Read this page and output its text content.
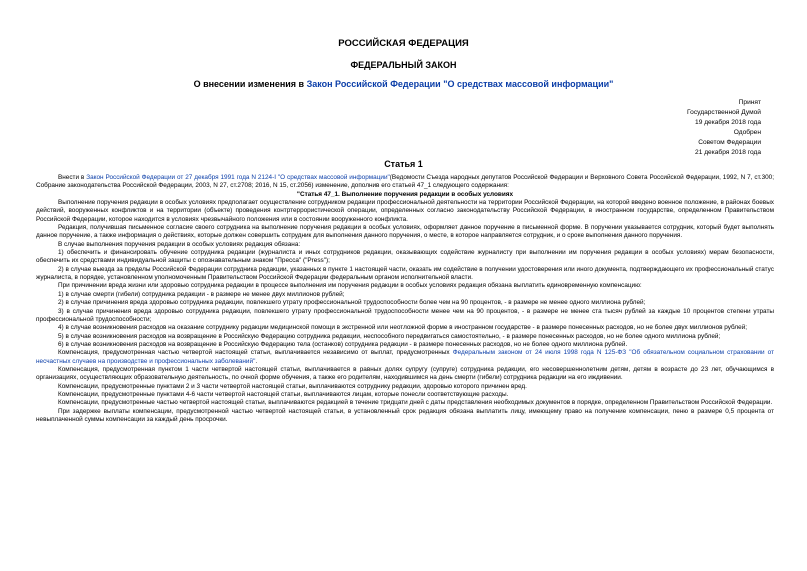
РОССИЙСКАЯ ФЕДЕРАЦИЯ
ФЕДЕРАЛЬНЫЙ ЗАКОН
О внесении изменения в Закон Российской Федерации "О средствах массовой информации"
Принят
Государственной Думой
19 декабря 2018 года
Одобрен
Советом Федерации
21 декабря 2018 года
Статья 1

Внести в Закон Российской Федерации от 27 декабря 1991 года N 2124-I "О средствах массовой информации"(Ведомости Съезда народных депутатов Российской Федерации и Верховного Совета Российской Федерации, 1992, N 7, ст.300; Собрание законодательства Российской Федерации, 2003, N 27, ст.2708; 2016, N 15, ст.2056) изменение, дополнив его статьей 47_1 следующего содержания:

"Статья 47_1. Выполнение поручения редакции в особых условиях

Выполнение поручения редакции в особых условиях предполагает осуществление сотрудником редакции профессиональной деятельности на территории Российской Федерации, на которой введено военное положение, в районах боевых действий, вооруженных конфликтов и на территории (объекте) проведения контртеррористической операции, определенных согласно законодательству Российской Федерации, в иностранном государстве, определенном Правительством Российской Федерации, которое находится в условиях чрезвычайного положения или в состоянии вооруженного конфликта.

Редакция, получившая письменное согласие своего сотрудника на выполнение поручения редакции в особых условиях, оформляет данное поручение в письменной форме. В поручении указывается сотрудник, который будет выполнять данное поручение, а также информация о действиях, которые должен совершить сотрудник для выполнения данного поручения, о месте, в которое направляется сотрудник, и о сроке выполнения данного поручения.

В случае выполнения поручения редакции в особых условиях редакция обязана:

1) обеспечить и финансировать обучение сотрудника редакции (журналиста и иных сотрудников редакции, оказывающих содействие журналисту при выполнении им поручения редакции в особых условиях) мерам безопасности, обеспечить их средствами индивидуальной защиты с опознавательным знаком "Пресса" ("Press");

2) в случае выезда за пределы Российской Федерации сотрудника редакции, указанных в пункте 1 настоящей части, оказать им содействие в получении удостоверения или иного документа, подтверждающего их профессиональный статус журналиста, в порядке, установленном уполномоченным Правительством Российской Федерации федеральным органом исполнительной власти.

При причинении вреда жизни или здоровью сотрудника редакции в процессе выполнения им поручения редакции в особых условиях редакция обязана выплатить единовременную компенсацию:

1) в случае смерти (гибели) сотрудника редакции - в размере не менее двух миллионов рублей;

2) в случае причинения вреда здоровью сотрудника редакции, повлекшего утрату профессиональной трудоспособности более чем на 90 процентов, - в размере не менее одного миллиона рублей;

3) в случае причинения вреда здоровью сотрудника редакции, повлекшего утрату профессиональной трудоспособности менее чем на 90 процентов, - в размере не менее ста тысяч рублей за каждые 10 процентов степени утраты профессиональной трудоспособности;

4) в случае возникновения расходов на оказание сотруднику редакции медицинской помощи в экстренной или неотложной форме в иностранном государстве - в размере понесенных расходов, но не более двух миллионов рублей;

5) в случае возникновения расходов на возвращение в Российскую Федерацию сотрудника редакции, неспособного передвигаться самостоятельно, - в размере понесенных расходов, но не более одного миллиона рублей;

6) в случае возникновения расходов на возвращение в Российскую Федерацию тела (останков) сотрудника редакции - в размере понесенных расходов, но не более одного миллиона рублей.

Компенсация, предусмотренная частью четвертой настоящей статьи, выплачивается независимо от выплат, предусмотренных Федеральным законом от 24 июля 1998 года N 125-ФЗ "Об обязательном социальном страховании от несчастных случаев на производстве и профессиональных заболеваний".

Компенсация, предусмотренная пунктом 1 части четвертой настоящей статьи, выплачивается в равных долях супругу (супруге) сотрудника редакции, его несовершеннолетним детям, детям в возрасте до 23 лет, обучающимся в организациях, осуществляющих образовательную деятельность, по очной форме обучения, а также его родителям, находившимся на день смерти (гибели) сотрудника редакции на его иждивении.

Компенсации, предусмотренные пунктами 2 и 3 части четвертой настоящей статьи, выплачиваются сотруднику редакции, здоровью которого причинен вред.

Компенсации, предусмотренные пунктами 4-6 части четвертой настоящей статьи, выплачиваются лицам, которые понесли соответствующие расходы.

Компенсации, предусмотренные частью четвертой настоящей статьи, выплачиваются редакцией в течение тридцати дней с даты представления необходимых документов в порядке, определенном Правительством Российской Федерации.

При задержке выплаты компенсации, предусмотренной частью четвертой настоящей статьи, в установленный срок редакция обязана выплатить лицу, имеющему право на получение компенсации, пеню в размере 0,5 процента от невыплаченной суммы компенсации за каждый день просрочки.
